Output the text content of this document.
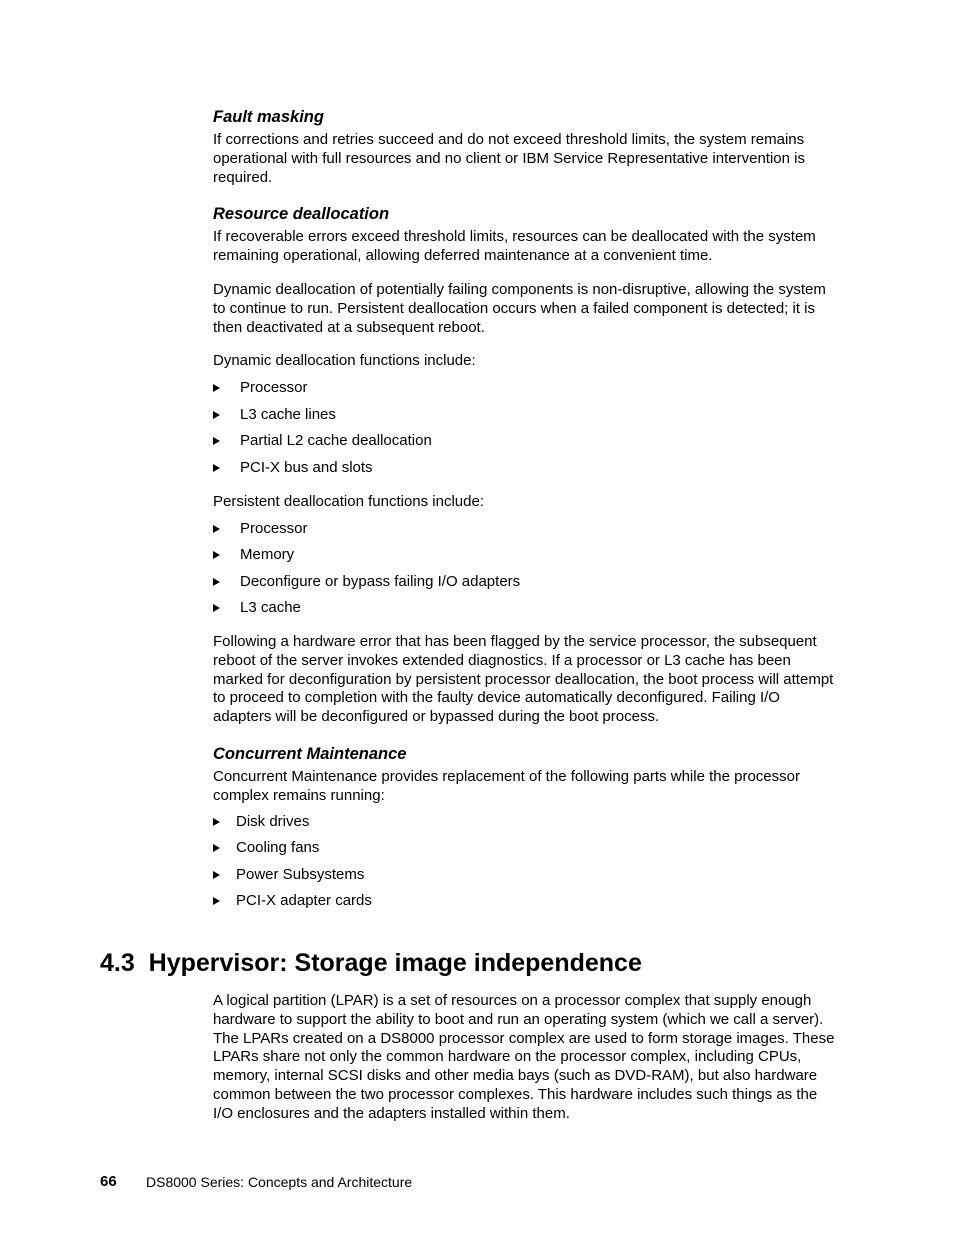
Fault masking
If corrections and retries succeed and do not exceed threshold limits, the system remains
operational with full resources and no client or IBM Service Representative intervention is
required.
Resource deallocation
If recoverable errors exceed threshold limits, resources can be deallocated with the system
remaining operational, allowing deferred maintenance at a convenient time.
Dynamic deallocation of potentially failing components is non-disruptive, allowing the system
to continue to run. Persistent deallocation occurs when a failed component is detected; it is
then deactivated at a subsequent reboot.
Dynamic deallocation functions include:
Processor
L3 cache lines
Partial L2 cache deallocation
PCI-X bus and slots
Persistent deallocation functions include:
Processor
Memory
Deconfigure or bypass failing I/O adapters
L3 cache
Following a hardware error that has been flagged by the service processor, the subsequent
reboot of the server invokes extended diagnostics. If a processor or L3 cache has been
marked for deconfiguration by persistent processor deallocation, the boot process will attempt
to proceed to completion with the faulty device automatically deconfigured. Failing I/O
adapters will be deconfigured or bypassed during the boot process.
Concurrent Maintenance
Concurrent Maintenance provides replacement of the following parts while the processor
complex remains running:
Disk drives
Cooling fans
Power Subsystems
PCI-X adapter cards
4.3  Hypervisor: Storage image independence
A logical partition (LPAR) is a set of resources on a processor complex that supply enough
hardware to support the ability to boot and run an operating system (which we call a server).
The LPARs created on a DS8000 processor complex are used to form storage images. These
LPARs share not only the common hardware on the processor complex, including CPUs,
memory, internal SCSI disks and other media bays (such as DVD-RAM), but also hardware
common between the two processor complexes. This hardware includes such things as the
I/O enclosures and the adapters installed within them.
66 DS8000 Series: Concepts and Architecture
